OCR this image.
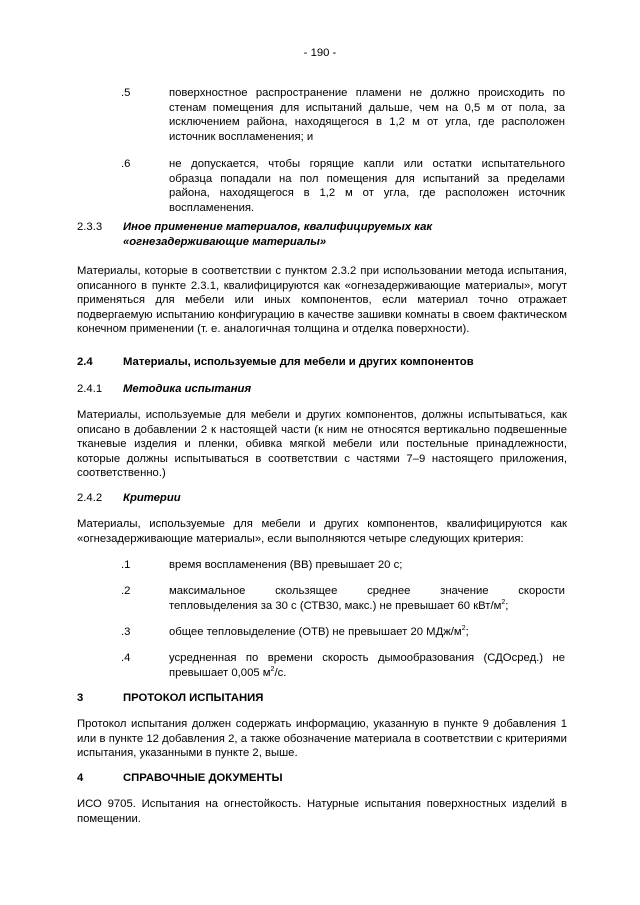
- 190 -
.5	поверхностное распространение пламени не должно происходить по стенам помещения для испытаний дальше, чем на 0,5 м от пола, за исключением района, находящегося в 1,2 м от угла, где расположен источник воспламенения; и
.6	не допускается, чтобы горящие капли или остатки испытательного образца попадали на пол помещения для испытаний за пределами района, находящегося в 1,2 м от угла, где расположен источник воспламенения.
2.3.3 Иное применение материалов, квалифицируемых как
«огнезадерживающие материалы»
Материалы, которые в соответствии с пунктом 2.3.2 при использовании метода испытания, описанного в пункте 2.3.1, квалифицируются как «огнезадерживающие материалы», могут применяться для мебели или иных компонентов, если материал точно отражает подвергаемую испытанию конфигурацию в качестве зашивки комнаты в своем фактическом конечном применении (т. е. аналогичная толщина и отделка поверхности).
2.4	Материалы, используемые для мебели и других компонентов
2.4.1 Методика испытания
Материалы, используемые для мебели и других компонентов, должны испытываться, как описано в добавлении 2 к настоящей части (к ним не относятся вертикально подвешенные тканевые изделия и пленки, обивка мягкой мебели или постельные принадлежности, которые должны испытываться в соответствии с частями 7–9 настоящего приложения, соответственно.)
2.4.2 Критерии
Материалы, используемые для мебели и других компонентов, квалифицируются как «огнезадерживающие материалы», если выполняются четыре следующих критерия:
.1	время воспламенения (ВВ) превышает 20 с;
.2	максимальное скользящее среднее значение скорости
тепловыделения за 30 с (СТВ30, макс.) не превышает 60 кВт/$м^2$;
.3	общее тепловыделение (ОТВ) не превышает 20 МДж/$м^2$;
.4	усредненная по времени скорость дымообразования (СДОсред.) не
превышает 0,005 $м^2/с$.
3	ПРОТОКОЛ ИСПЫТАНИЯ
Протокол испытания должен содержать информацию, указанную в пункте 9 добавления 1 или в пункте 12 добавления 2, а также обозначение материала в соответствии с критериями испытания, указанными в пункте 2, выше.
4	СПРАВОЧНЫЕ ДОКУМЕНТЫ
ИСО 9705. Испытания на огнестойкость. Натурные испытания поверхностных изделий в помещении.
